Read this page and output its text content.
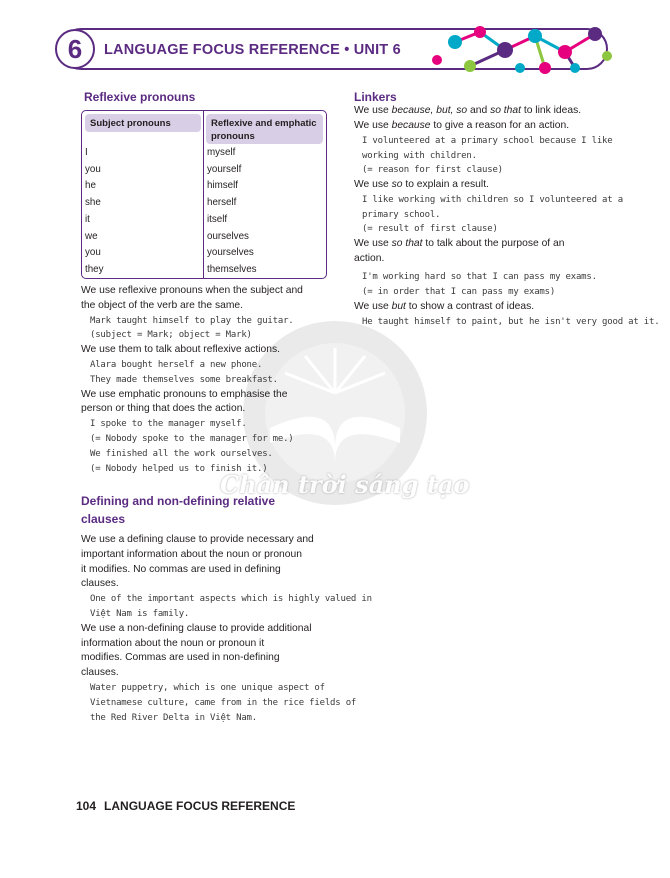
6	LANGUAGE FOCUS REFERENCE • UNIT 6
Chân trời sáng tạo
Reflexive pronouns
Subject pronouns	Reflexive and emphatic
pronouns
I	myself
you	yourself
he	himself
she	herself
it	itself
we	ourselves
you	yourselves
they	themselves
We use reflexive pronouns when the subject and
the object of the verb are the same.
Mark taught himself to play the guitar.
(subject = Mark; object = Mark)
We use them to talk about reflexive actions.
Alara bought herself a new phone.
They made themselves some breakfast.
We use emphatic pronouns to emphasise the
person or thing that does the action.
I spoke to the manager myself.
(= Nobody spoke to the manager for me.)
We finished all the work ourselves.
(= Nobody helped us to finish it.)
Defining and non-defining relative
clauses
We use a defining clause to provide necessary and
important information about the noun or pronoun
it modifies. No commas are used in defining
clauses.
One of the important aspects which is highly valued in
Việt Nam is family.
We use a non-defining clause to provide additional
information about the noun or pronoun it
modifies. Commas are used in non-defining
clauses.
Water puppetry, which is one unique aspect of
Vietnamese culture, came from in the rice fields of
the Red River Delta in Việt Nam.
Linkers
We use because, but, so and so that to link ideas.
We use because to give a reason for an action.
I volunteered at a primary school because I like
working with children.
(= reason for first clause)
We use so to explain a result.
I like working with children so I volunteered at a
primary school.
(= result of first clause)
We use so that to talk about the purpose of an
action.
I'm working hard so that I can pass my exams.
(= in order that I can pass my exams)
We use but to show a contrast of ideas.
He taught himself to paint, but he isn't very good at it.
104 LANGUAGE FOCUS REFERENCE
